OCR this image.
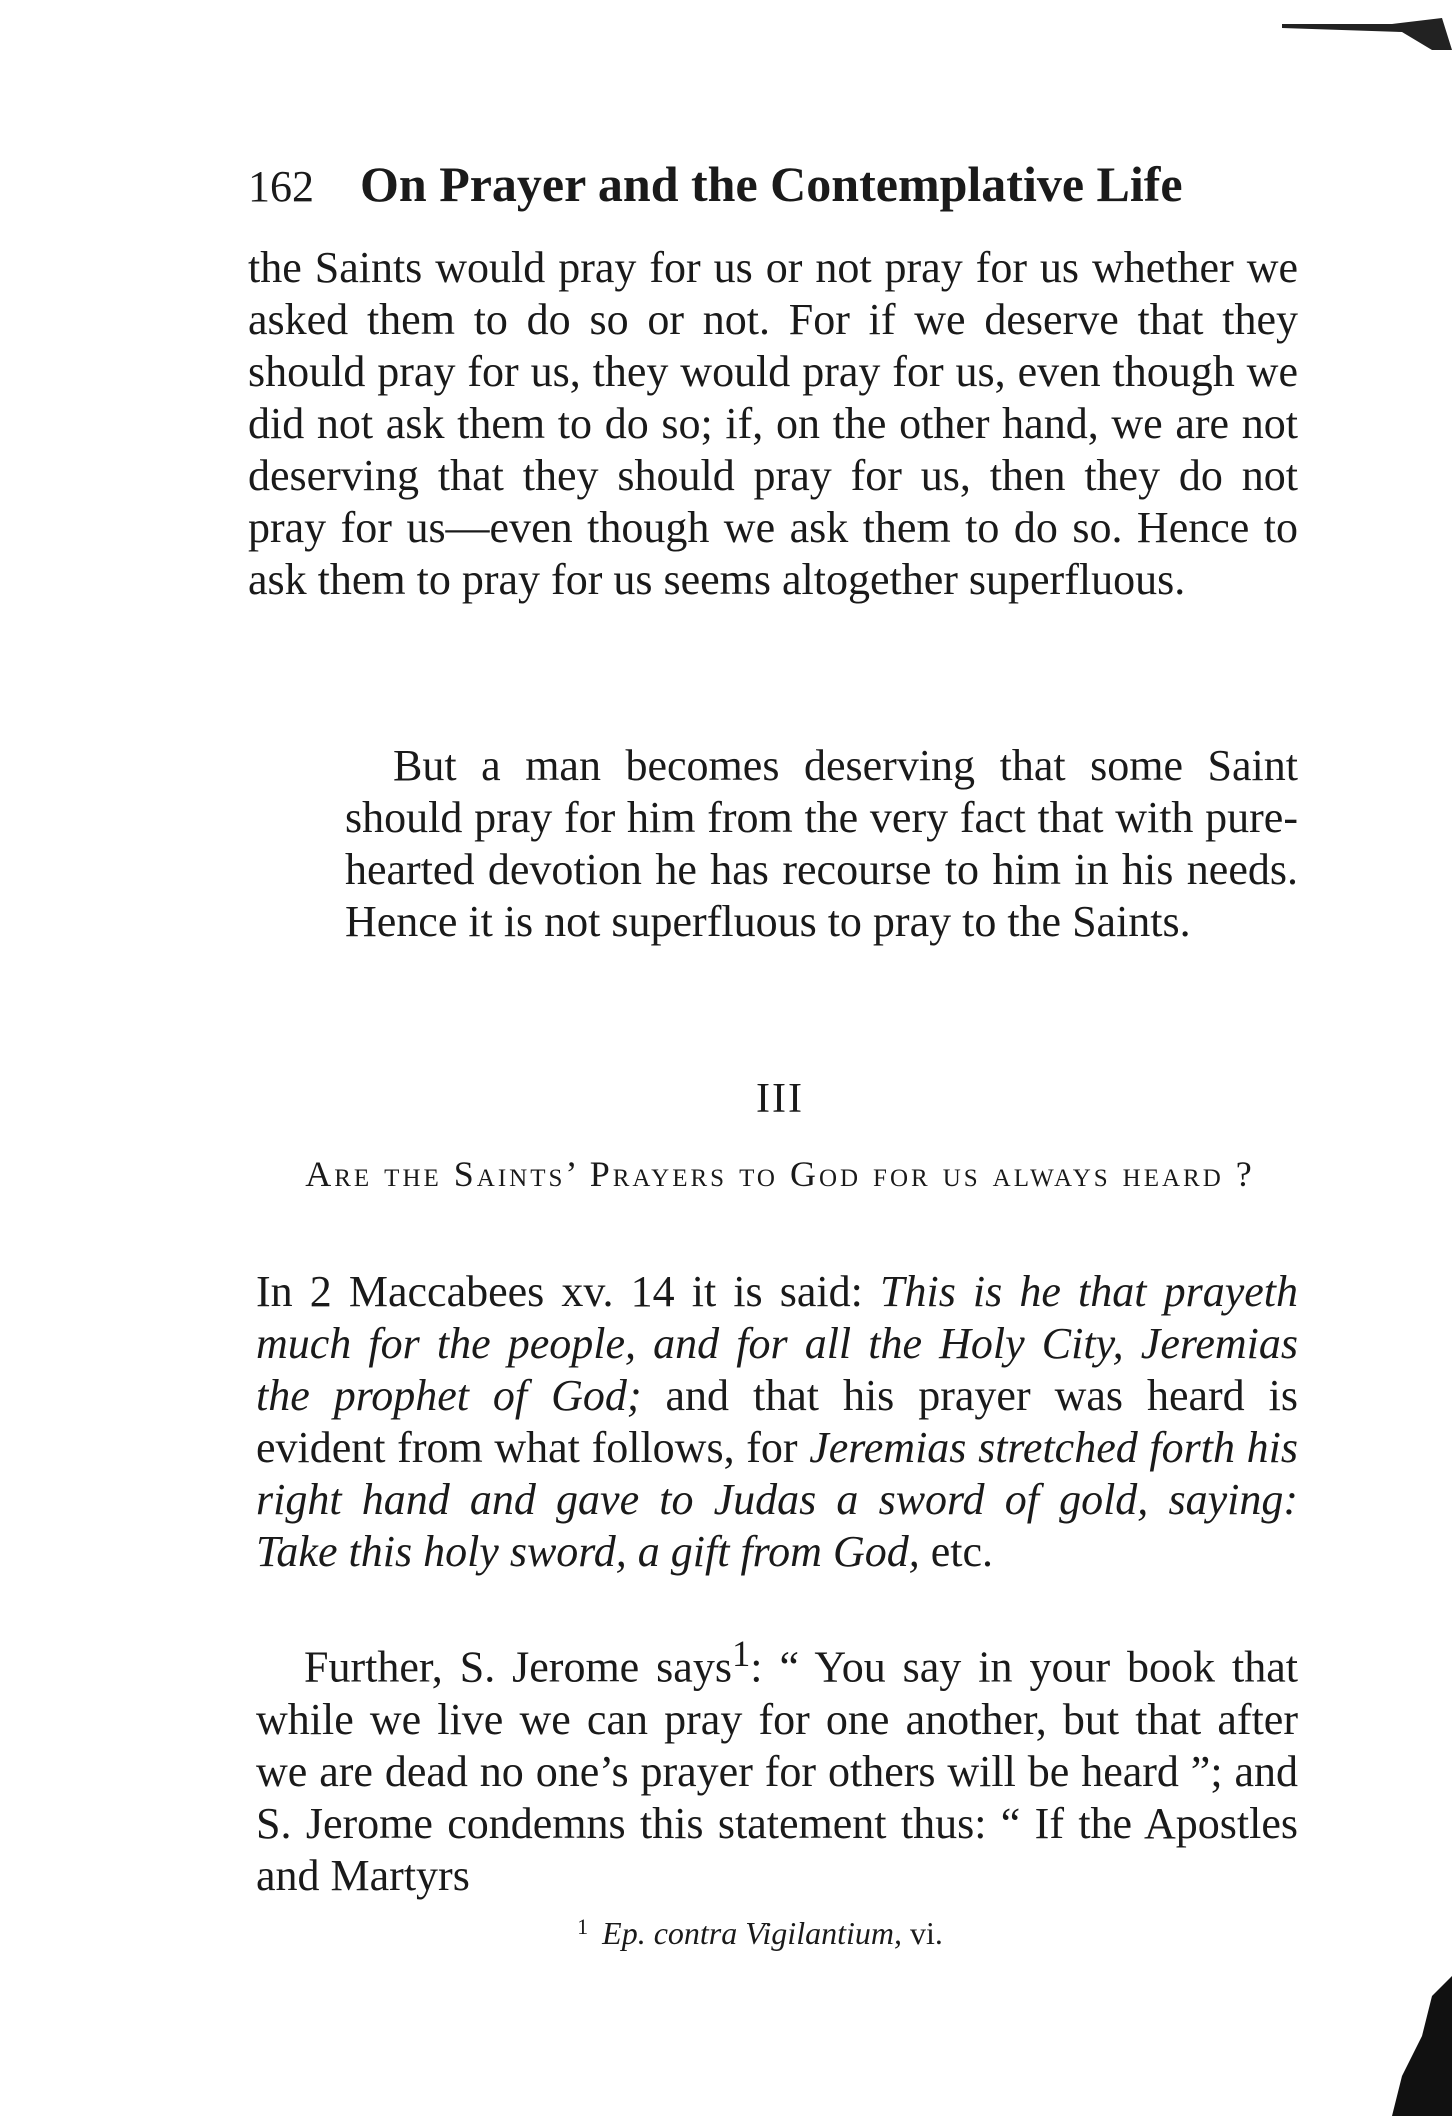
162 On Prayer and the Contemplative Life

the Saints would pray for us or not pray for us whether we asked them to do so or not. For if we deserve that they should pray for us, they would pray for us, even though we did not ask them to do so; if, on the other hand, we are not deserving that they should pray for us, then they do not pray for us—even though we ask them to do so. Hence to ask them to pray for us seems altogether superfluous.

But a man becomes deserving that some Saint should pray for him from the very fact that with pure-hearted devotion he has recourse to him in his needs. Hence it is not superfluous to pray to the Saints.

III
Are the Saints’ Prayers to God for us always heard ?

In 2 Maccabees xv. 14 it is said: This is he that prayeth much for the people, and for all the Holy City, Jeremias the prophet of God; and that his prayer was heard is evident from what follows, for Jeremias stretched forth his right hand and gave to Judas a sword of gold, saying: Take this holy sword, a gift from God, etc.

Further, S. Jerome says$^1$: “ You say in your book that while we live we can pray for one another, but that after we are dead no one’s prayer for others will be heard ”; and S. Jerome condemns this statement thus: “ If the Apostles and Martyrs

$^1$ Ep. contra Vigilantium, vi.
